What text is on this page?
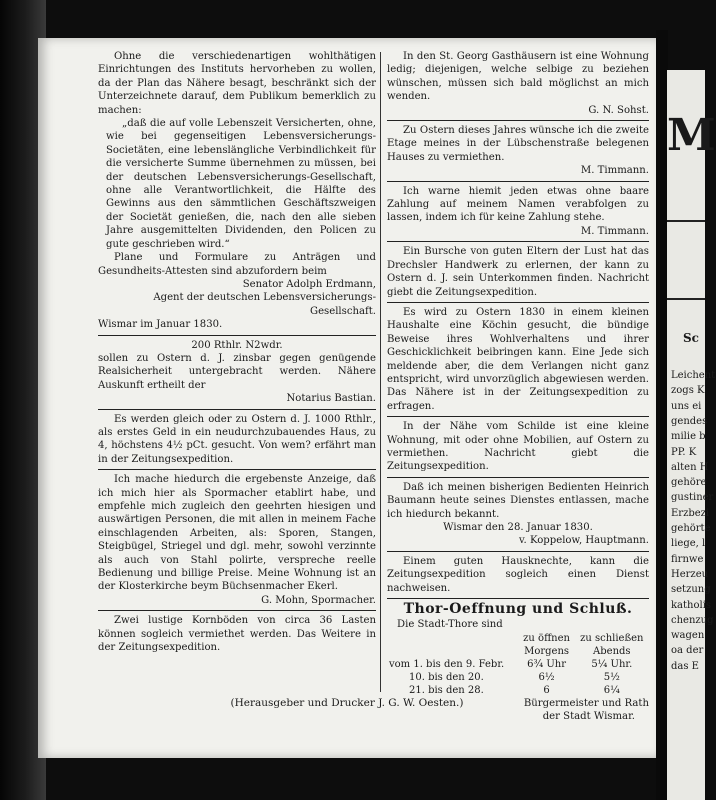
Ohne die verschiedenartigen wohlthätigen Einrichtungen des Instituts hervorheben zu wollen, da der Plan das Nähere besagt, beschränkt sich der Unterzeichnete darauf, dem Publikum bemerklich zu machen:

„daß die auf volle Lebenszeit Versicherten, ohne, wie bei gegenseitigen Lebensversicherungs-Societäten, eine lebenslängliche Verbindlichkeit für die versicherte Summe übernehmen zu müssen, bei der deutschen Lebensversicherungs-Gesellschaft, ohne alle Verantwortlichkeit, die Hälfte des Gewinns aus den sämmtlichen Geschäftszweigen der Societät genießen, die, nach den alle sieben Jahre ausgemittelten Dividenden, den Policen zu gute geschrieben wird.“

Plane und Formulare zu Anträgen und Gesundheits-Attesten sind abzufordern beim

Senator Adolph Erdmann,

Agent der deutschen Lebensversicherungs-Gesellschaft.

Wismar im Januar 1830.

200 Rthlr. N2wdr.

sollen zu Ostern d. J. zinsbar gegen genügende Realsicherheit untergebracht werden. Nähere Auskunft ertheilt der

Notarius Bastian.

Es werden gleich oder zu Ostern d. J. 1000 Rthlr., als erstes Geld in ein neudurchzubauendes Haus, zu 4, höchstens 4½ pCt. gesucht. Von wem? erfährt man in der Zeitungsexpedition.

Ich mache hiedurch die ergebenste Anzeige, daß ich mich hier als Spormacher etablirt habe, und empfehle mich zugleich den geehrten hiesigen und auswärtigen Personen, die mit allen in meinem Fache einschlagenden Arbeiten, als: Sporen, Stangen, Steigbügel, Striegel und dgl. mehr, sowohl verzinnte als auch von Stahl polirte, verspreche reelle Bedienung und billige Preise. Meine Wohnung ist an der Klosterkirche beym Büchsenmacher Ekerl.

G. Mohn, Spormacher.

Zwei lustige Kornböden von circa 36 Lasten können sogleich vermiethet werden. Das Weitere in der Zeitungsexpedition.

In den St. Georg Gasthäusern ist eine Wohnung ledig; diejenigen, welche selbige zu beziehen wünschen, müssen sich bald möglichst an mich wenden.

G. N. Sohst.

Zu Ostern dieses Jahres wünsche ich die zweite Etage meines in der Lübschenstraße belegenen Hauses zu vermiethen.

M. Timmann.

Ich warne hiemit jeden etwas ohne baare Zahlung auf meinem Namen verabfolgen zu lassen, indem ich für keine Zahlung stehe.

M. Timmann.

Ein Bursche von guten Eltern der Lust hat das Drechsler Handwerk zu erlernen, der kann zu Ostern d. J. sein Unterkommen finden. Nachricht giebt die Zeitungsexpedition.

Es wird zu Ostern 1830 in einem kleinen Haushalte eine Köchin gesucht, die bündige Beweise ihres Wohlverhaltens und ihrer Geschicklichkeit beibringen kann. Eine Jede sich meldende aber, die dem Verlangen nicht ganz entspricht, wird unvorzüglich abgewiesen werden. Das Nähere ist in der Zeitungsexpedition zu erfragen.

In der Nähe vom Schilde ist eine kleine Wohnung, mit oder ohne Mobilien, auf Ostern zu vermiethen. Nachricht giebt die Zeitungsexpedition.

Daß ich meinen bisherigen Bedienten Heinrich Baumann heute seines Dienstes entlassen, mache ich hiedurch bekannt.

Wismar den 28. Januar 1830.

v. Koppelow, Hauptmann.

Einem guten Hausknechte, kann die Zeitungsexpedition sogleich einen Dienst nachweisen.

Thor-Oeffnung und Schluß.

Die Stadt-Thore sind

	zu öffnen	zu schließen
	Morgens	Abends
vom 1. bis den 9. Febr.	6¾ Uhr	5¼ Uhr.
10. bis den 20.	6½	5½
21. bis den 28.	6	6¼

Bürgermeister und Rath

der Stadt Wismar.

(Herausgeber und Drucker J. G. W. Oesten.)
M
Sc
Leichent
zogs K
uns ei
gendes
milie b
PP. K
alten H
gehöre
gustiner
Erzbezi
gehörte
liege, l
firnwe
Herzeu
setzung
katholis
chenzug
wagen
oa der
das E
